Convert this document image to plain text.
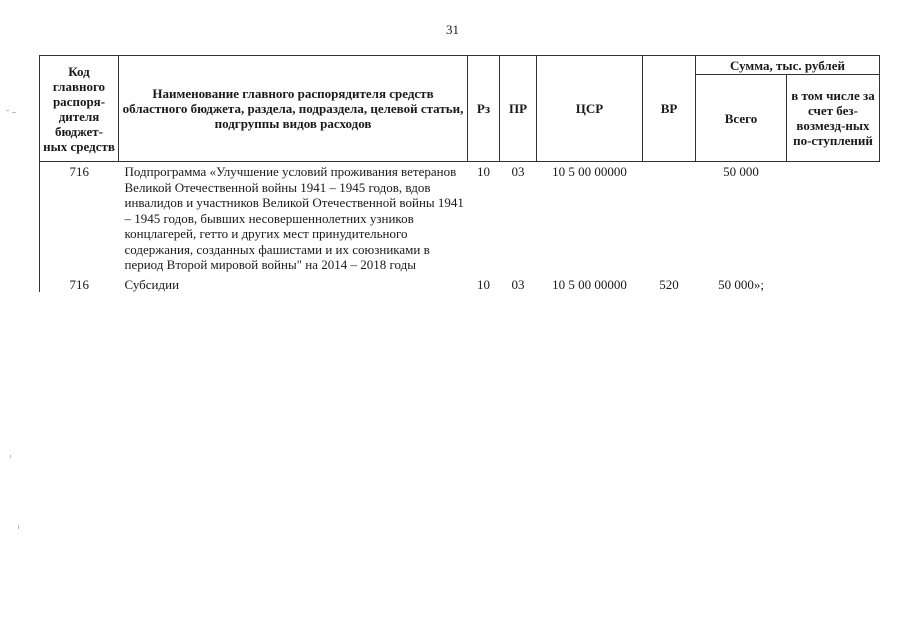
31
Код главного распоря-дителя бюджет-ных средств	Наименование главного распорядителя средств областного бюджета, раздела, подраздела, целевой статьи, подгруппы видов расходов	Рз	ПР	ЦСР	ВР	Сумма, тыс. рублей	
						Всего	в том числе за счет без-возмезд-ных по-ступлений
716	Подпрограмма «Улучшение условий проживания ветеранов Великой Отечественной войны 1941 – 1945 годов, вдов инвалидов и участников Великой Отечественной войны 1941 – 1945 годов, бывших несовершеннолетних узников концлагерей, гетто и других мест принудительного содержания, созданных фашистами и их союзниками в период Второй мировой войны" на 2014 – 2018 годы	10	03	10 5 00 00000		50 000	
716	Субсидии	10	03	10 5 00 00000	520	50 000»;	
